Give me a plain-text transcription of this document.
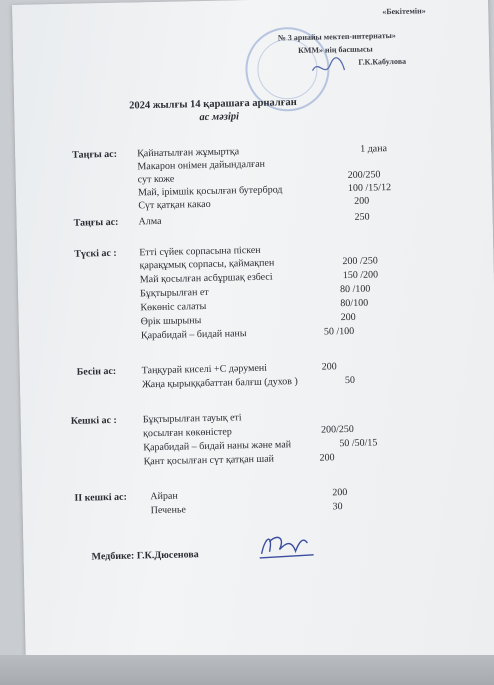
«Бекітемін»
№ 3 арнайы мектеп-интернаты»
КММ» нің басшысы
Г.К.Кабулова
2024 жылғы 14 қарашаға арналған
ас мәзірі
Таңғы ас: Қайнатылған жұмыртқа	1 дана
Макарон онімен дайындалған
сут коже	200/250
Май, ірімшік қосылған бутерброд	100 /15/12
Сүт қатқан какао	200
Таңғы ас: Алма	250
Түскі ас : Етті сүйек сорпасына піскен
қарақұмық сорпасы, қаймақпен	200 /250
Май қосылған асбұршақ езбесі	150 /200
Бұқтырылған ет	80 /100
Көкөніс салаты	80/100
Өрік шырыны	200
Қарабидай – бидай наны	50 /100
Бесін ас:	Таңқурай киселі +С дәрумені	200
Жаңа қырыққабаттан балғш (духов )	50
Кешкі ас :	Бұқтырылған тауық еті
қосылған көкөністер	200/250
Қарабидай – бидай наны және май	50 /50/15
Қант қосылған сүт қатқан шай	200
ІІ кешкі ас: Айран	200
Печенье	30
Медбике: Г.К.Дюсенова
